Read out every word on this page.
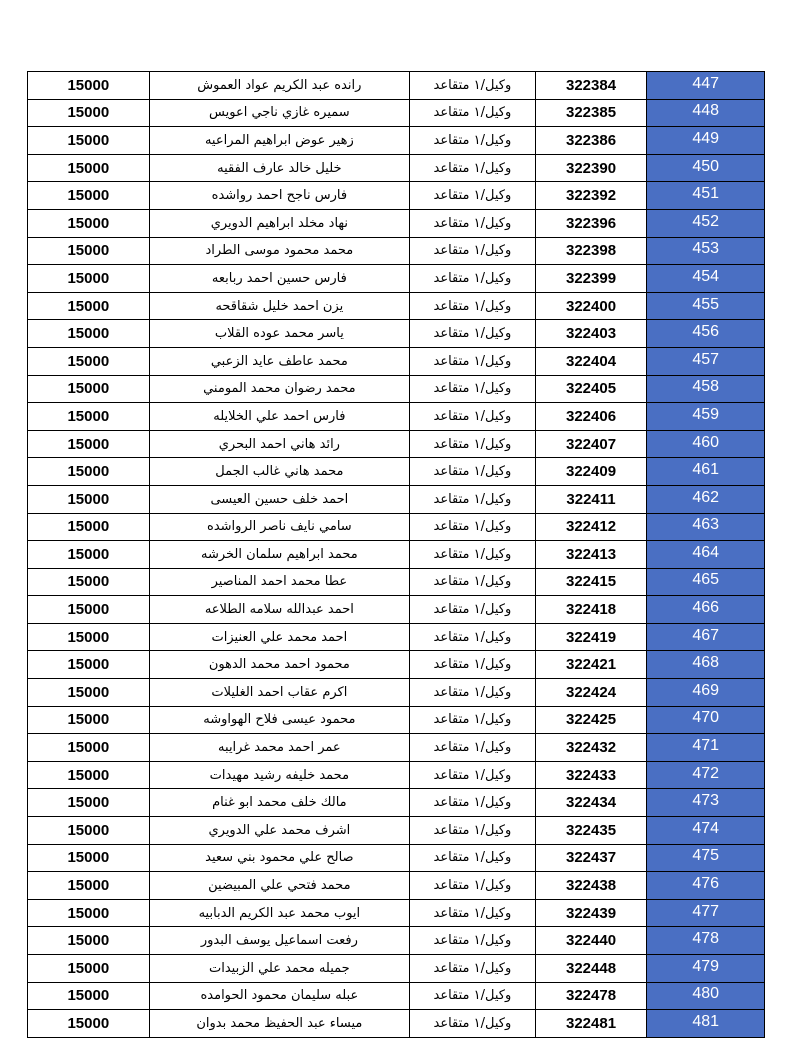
15000	رانده عبد الكريم عواد العموش	وكيل/١ متقاعد	322384	447
15000	سميره غازي ناجي اعويس	وكيل/١ متقاعد	322385	448
15000	زهير عوض ابراهيم المراعيه	وكيل/١ متقاعد	322386	449
15000	خليل خالد عارف الفقيه	وكيل/١ متقاعد	322390	450
15000	فارس ناجح احمد رواشده	وكيل/١ متقاعد	322392	451
15000	نهاد مخلد ابراهيم الدويري	وكيل/١ متقاعد	322396	452
15000	محمد محمود موسى الطراد	وكيل/١ متقاعد	322398	453
15000	فارس حسين احمد ربابعه	وكيل/١ متقاعد	322399	454
15000	يزن احمد خليل شقاقحه	وكيل/١ متقاعد	322400	455
15000	ياسر محمد عوده القلاب	وكيل/١ متقاعد	322403	456
15000	محمد عاطف عايد الزعبي	وكيل/١ متقاعد	322404	457
15000	محمد رضوان محمد المومني	وكيل/١ متقاعد	322405	458
15000	فارس احمد علي الخلايله	وكيل/١ متقاعد	322406	459
15000	رائد هاني احمد البحري	وكيل/١ متقاعد	322407	460
15000	محمد هاني غالب الجمل	وكيل/١ متقاعد	322409	461
15000	احمد خلف حسين العيسى	وكيل/١ متقاعد	322411	462
15000	سامي نايف ناصر الرواشده	وكيل/١ متقاعد	322412	463
15000	محمد ابراهيم سلمان الخرشه	وكيل/١ متقاعد	322413	464
15000	عطا محمد احمد المناصير	وكيل/١ متقاعد	322415	465
15000	احمد عبدالله سلامه الطلاعه	وكيل/١ متقاعد	322418	466
15000	احمد محمد علي العنيزات	وكيل/١ متقاعد	322419	467
15000	محمود احمد محمد الدهون	وكيل/١ متقاعد	322421	468
15000	اكرم عقاب احمد الغليلات	وكيل/١ متقاعد	322424	469
15000	محمود عيسى فلاح الهواوشه	وكيل/١ متقاعد	322425	470
15000	عمر احمد محمد غرايبه	وكيل/١ متقاعد	322432	471
15000	محمد خليفه رشيد مهيدات	وكيل/١ متقاعد	322433	472
15000	مالك خلف محمد ابو غنام	وكيل/١ متقاعد	322434	473
15000	اشرف محمد علي الدويري	وكيل/١ متقاعد	322435	474
15000	صالح علي محمود بني سعيد	وكيل/١ متقاعد	322437	475
15000	محمد فتحي علي المبيضين	وكيل/١ متقاعد	322438	476
15000	ايوب محمد عبد الكريم الدبابيه	وكيل/١ متقاعد	322439	477
15000	رفعت اسماعيل يوسف البدور	وكيل/١ متقاعد	322440	478
15000	جميله محمد علي الزبيدات	وكيل/١ متقاعد	322448	479
15000	عبله سليمان محمود الحوامده	وكيل/١ متقاعد	322478	480
15000	ميساء عبد الحفيظ محمد بدوان	وكيل/١ متقاعد	322481	481
